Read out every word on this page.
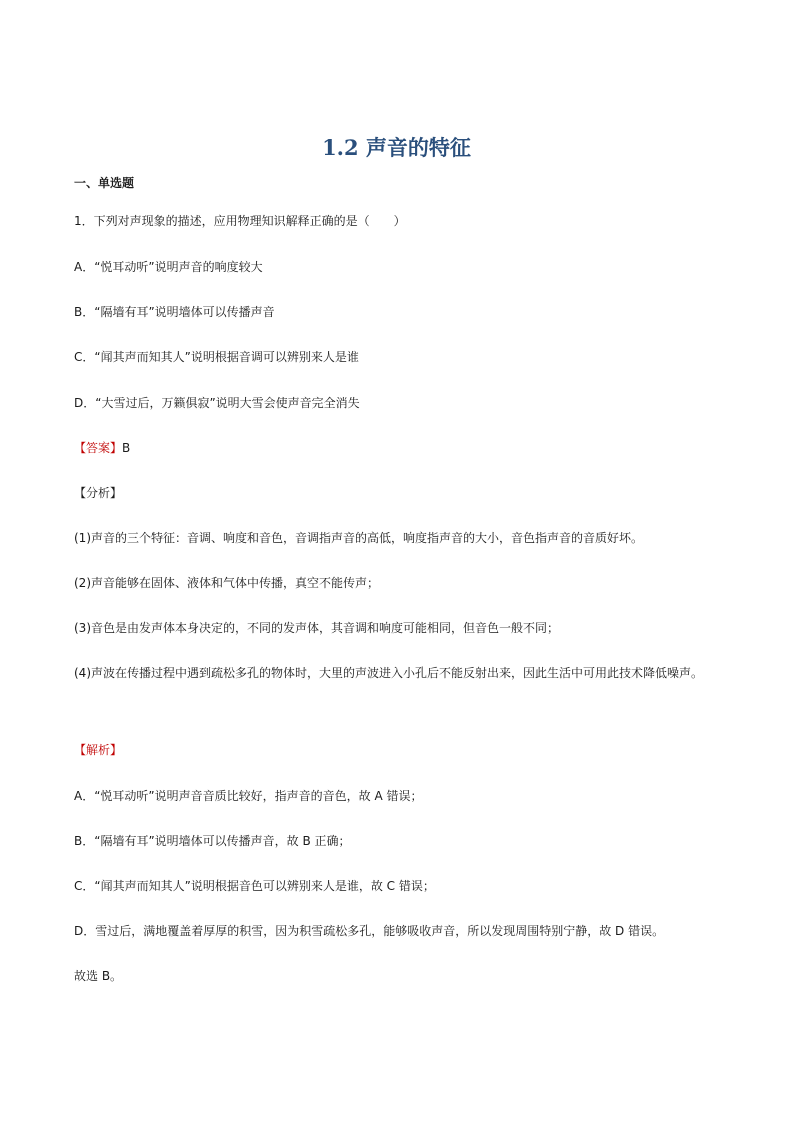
1.2 声音的特征
一、单选题
1．下列对声现象的描述，应用物理知识解释正确的是（　　）
A．“悦耳动听”说明声音的响度较大
B．“隔墙有耳”说明墙体可以传播声音
C．“闻其声而知其人”说明根据音调可以辨别来人是谁
D．“大雪过后，万籁俱寂”说明大雪会使声音完全消失
【答案】B
【分析】
(1)声音的三个特征：音调、响度和音色，音调指声音的高低，响度指声音的大小，音色指声音的音质好坏。
(2)声音能够在固体、液体和气体中传播，真空不能传声；
(3)音色是由发声体本身决定的，不同的发声体，其音调和响度可能相同，但音色一般不同；
(4)声波在传播过程中遇到疏松多孔的物体时，大里的声波进入小孔后不能反射出来，因此生活中可用此技术降低噪声。
【解析】
A．“悦耳动听”说明声音音质比较好，指声音的音色，故 A 错误；
B．“隔墙有耳”说明墙体可以传播声音，故 B 正确；
C．“闻其声而知其人”说明根据音色可以辨别来人是谁，故 C 错误；
D．雪过后，满地覆盖着厚厚的积雪，因为积雪疏松多孔，能够吸收声音，所以发现周围特别宁静，故 D 错误。
故选 B。
